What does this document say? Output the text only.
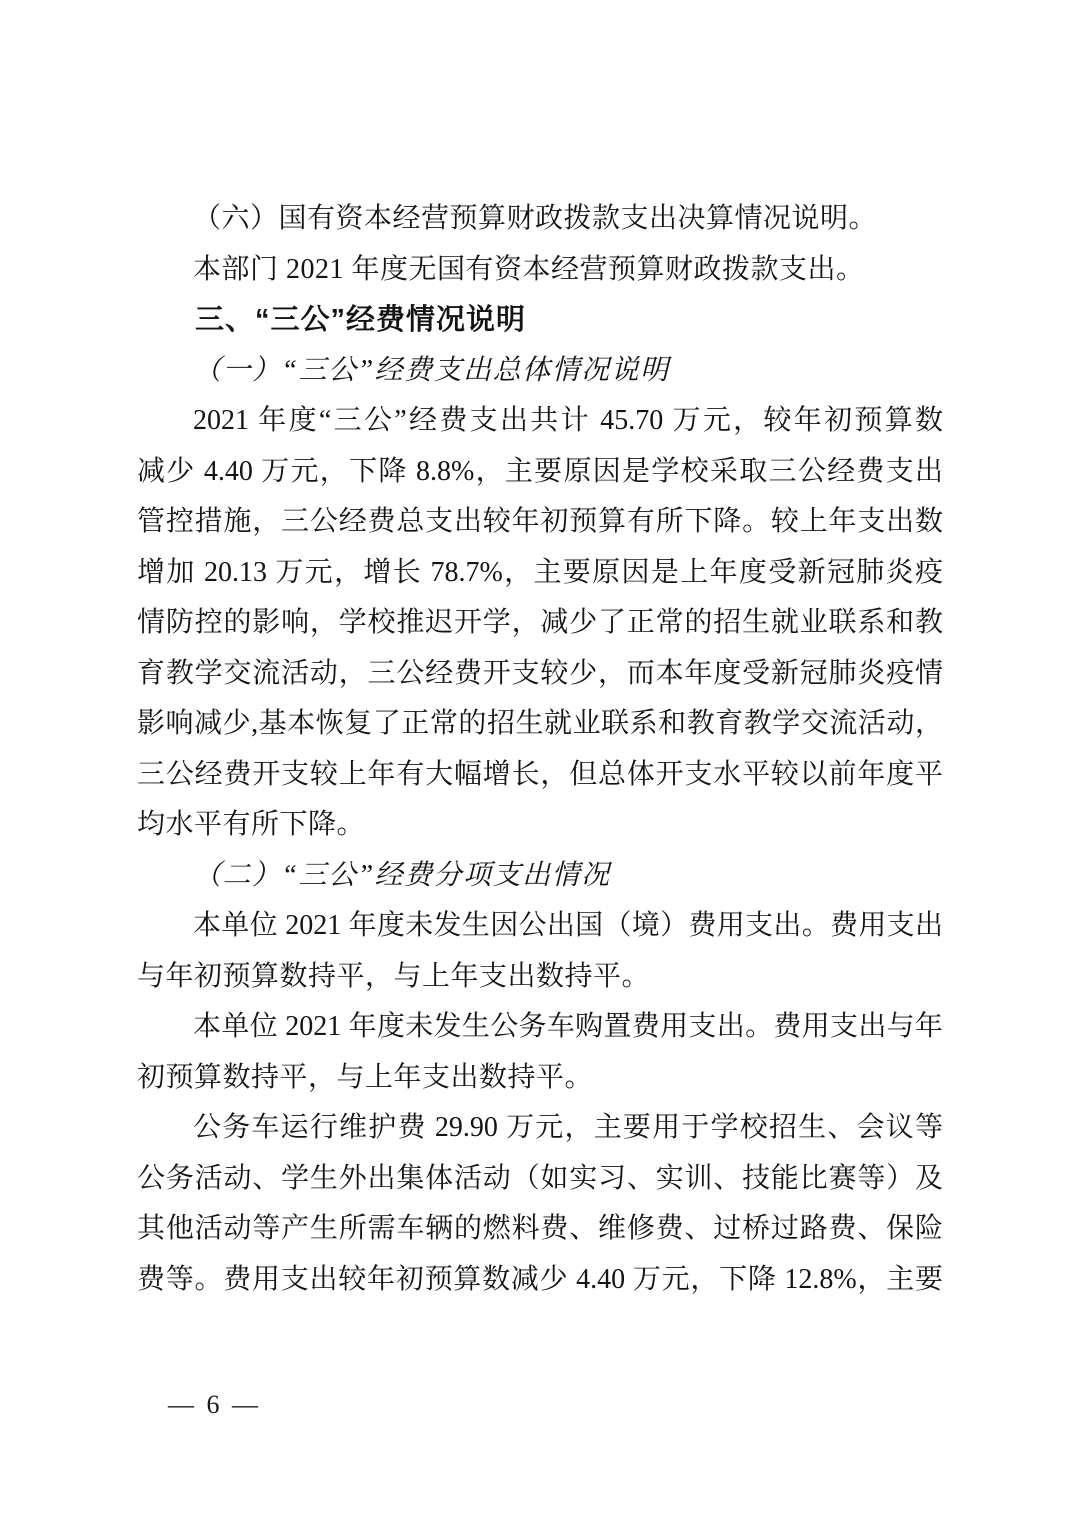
（六）国有资本经营预算财政拨款支出决算情况说明。
本部门 2021 年度无国有资本经营预算财政拨款支出。
三、“三公”经费情况说明
（一）“三公”经费支出总体情况说明
2021 年度“三公”经费支出共计 45.70 万元，较年初预算数
减少 4.40 万元，下降 8.8%，主要原因是学校采取三公经费支出
管控措施，三公经费总支出较年初预算有所下降。较上年支出数
增加 20.13 万元，增长 78.7%，主要原因是上年度受新冠肺炎疫
情防控的影响，学校推迟开学，减少了正常的招生就业联系和教
育教学交流活动，三公经费开支较少，而本年度受新冠肺炎疫情
影响减少,基本恢复了正常的招生就业联系和教育教学交流活动，
三公经费开支较上年有大幅增长，但总体开支水平较以前年度平
均水平有所下降。
（二）“三公”经费分项支出情况
本单位 2021 年度未发生因公出国（境）费用支出。费用支出
与年初预算数持平，与上年支出数持平。
本单位 2021 年度未发生公务车购置费用支出。费用支出与年
初预算数持平，与上年支出数持平。
公务车运行维护费 29.90 万元，主要用于学校招生、会议等
公务活动、学生外出集体活动（如实习、实训、技能比赛等）及
其他活动等产生所需车辆的燃料费、维修费、过桥过路费、保险
费等。费用支出较年初预算数减少 4.40 万元，下降 12.8%，主要
— 6 —
